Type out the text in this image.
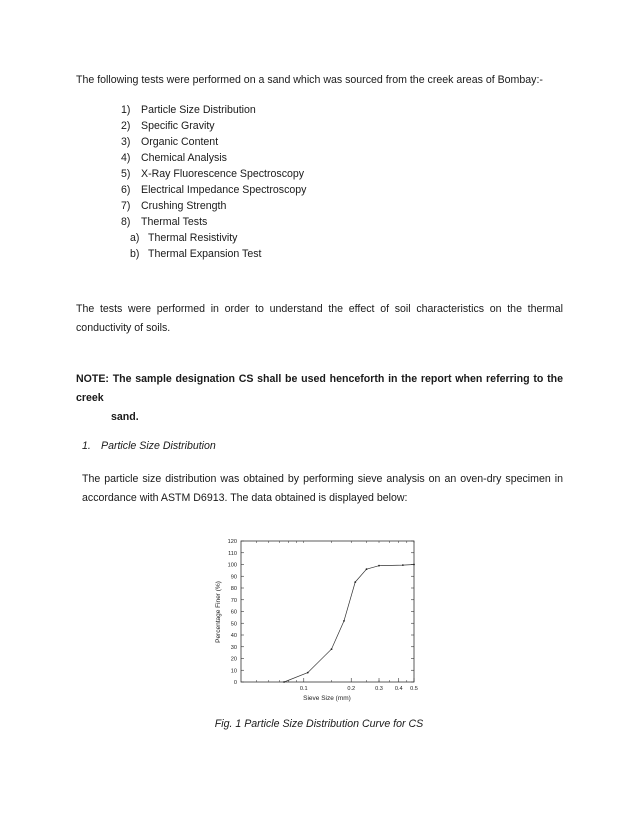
The following tests were performed on a sand which was sourced from the creek areas of Bombay:-
1) Particle Size Distribution
2) Specific Gravity
3) Organic Content
4) Chemical Analysis
5) X-Ray Fluorescence Spectroscopy
6) Electrical Impedance Spectroscopy
7) Crushing Strength
8) Thermal Tests
a) Thermal Resistivity
b) Thermal Expansion Test
The tests were performed in order to understand the effect of soil characteristics on the thermal
conductivity of soils.
NOTE: The sample designation CS shall be used henceforth in the report when referring to the creek
sand.
1. Particle Size Distribution
The particle size distribution was obtained by performing sieve analysis on an oven-dry specimen in
accordance with ASTM D6913. The data obtained is displayed below:
0
10
20
30
40
50
60
70
80
90
100
110
120
0.1	0.2	0.3 0.4 0.5
Sieve Size (mm)
Percentage Finer (%)
Fig. 1 Particle Size Distribution Curve for CS
